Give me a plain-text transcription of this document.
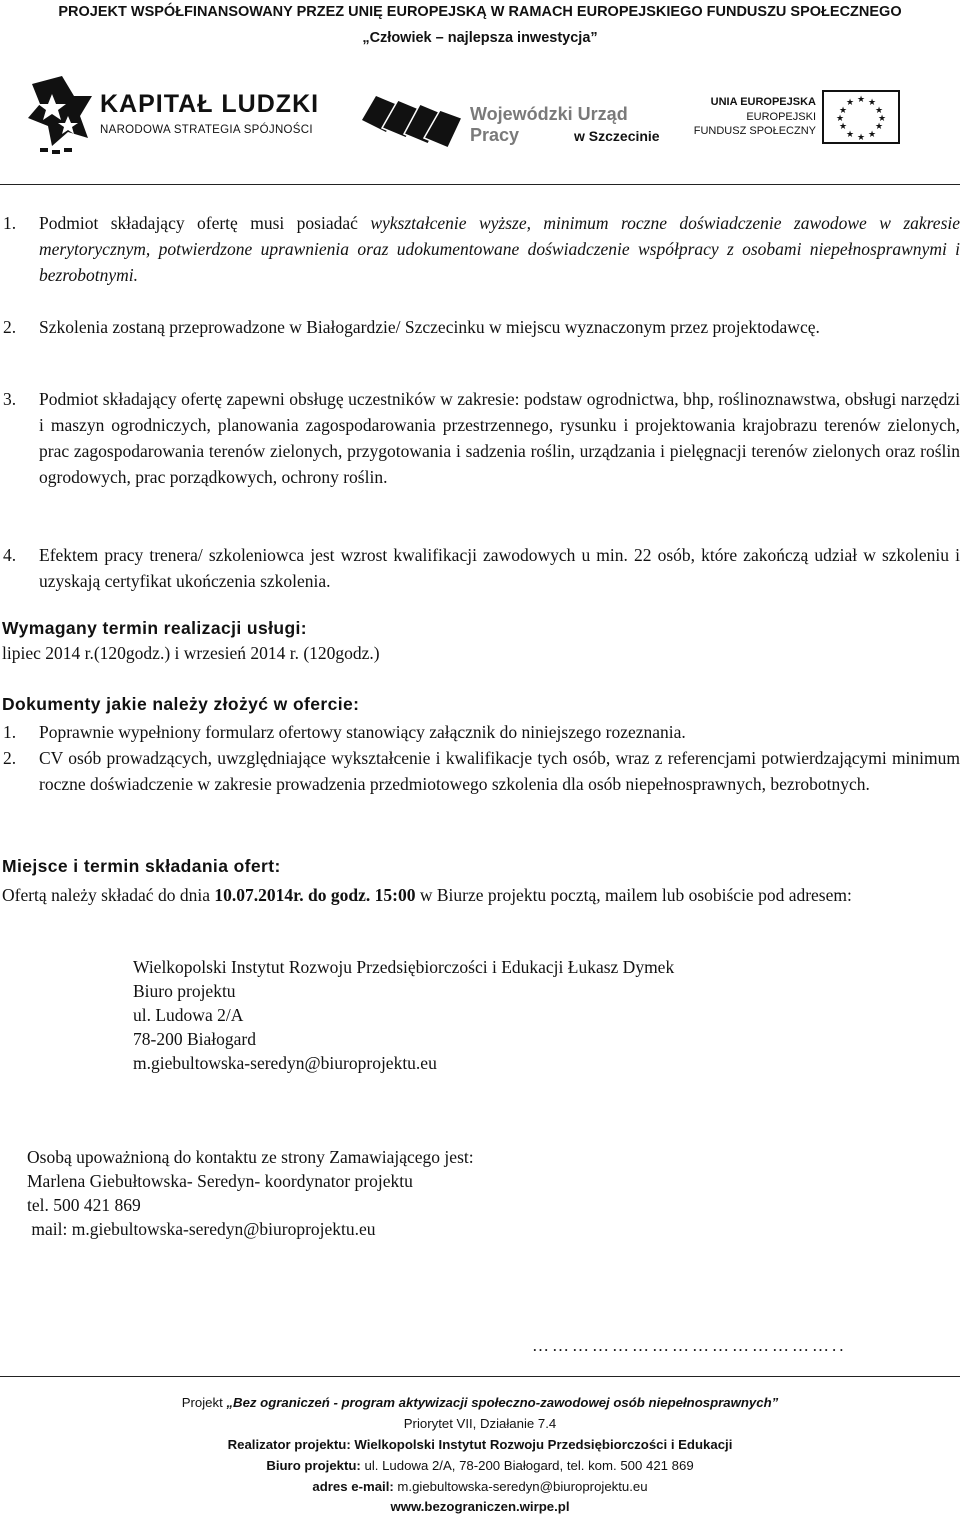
PROJEKT WSPÓŁFINANSOWANY PRZEZ UNIĘ EUROPEJSKĄ W RAMACH EUROPEJSKIEGO FUNDUSZU SPOŁECZNEGO
„Człowiek – najlepsza inwestycja”
KAPITAŁ LUDZKI
NARODOWA STRATEGIA SPÓJNOŚCI
Wojewódzki Urząd Pracy	w Szczecinie
UNIA EUROPEJSKA
EUROPEJSKI
FUNDUSZ SPOŁECZNY
★ ★
★
★
★
★
★
★
★
★
★
★
1. Podmiot składający ofertę musi posiadać wykształcenie wyższe, minimum roczne doświadczenie zawodowe w zakresie merytorycznym, potwierdzone uprawnienia oraz udokumentowane doświadczenie współpracy z osobami niepełnosprawnymi i bezrobotnymi.
2. Szkolenia zostaną przeprowadzone w Białogardzie/ Szczecinku w miejscu wyznaczonym przez projektodawcę.
3. Podmiot składający ofertę zapewni obsługę uczestników w zakresie: podstaw ogrodnictwa, bhp, roślinoznawstwa, obsługi narzędzi i maszyn ogrodniczych, planowania zagospodarowania przestrzennego, rysunku i projektowania krajobrazu terenów zielonych, prac zagospodarowania terenów zielonych, przygotowania i sadzenia roślin, urządzania i pielęgnacji terenów zielonych oraz roślin ogrodowych, prac porządkowych, ochrony roślin.
4. Efektem pracy trenera/ szkoleniowca jest wzrost kwalifikacji zawodowych u min. 22 osób, które zakończą udział w szkoleniu i uzyskają certyfikat ukończenia szkolenia.
Wymagany termin realizacji usługi:
lipiec 2014 r.(120godz.) i wrzesień 2014 r. (120godz.)
Dokumenty jakie należy złożyć w ofercie:
1. Poprawnie wypełniony formularz ofertowy stanowiący załącznik do niniejszego rozeznania.
2. CV osób prowadzących, uwzględniające wykształcenie i kwalifikacje tych osób, wraz z referencjami potwierdzającymi minimum roczne doświadczenie w zakresie prowadzenia przedmiotowego szkolenia dla osób niepełnosprawnych, bezrobotnych.
Miejsce i termin składania ofert:
Ofertą należy składać do dnia 10.07.2014r. do godz. 15:00 w Biurze projektu pocztą, mailem lub osobiście pod adresem:
Wielkopolski Instytut Rozwoju Przedsiębiorczości i Edukacji Łukasz Dymek
Biuro projektu
ul. Ludowa 2/A
78-200 Białogard
m.giebultowska-seredyn@biuroprojektu.eu
Osobą upoważnioną do kontaktu ze strony Zamawiającego jest:
Marlena Giebułtowska- Seredyn- koordynator projektu
tel. 500 421 869
mail: m.giebultowska-seredyn@biuroprojektu.eu
………………………………………..
Projekt „Bez ograniczeń - program aktywizacji społeczno-zawodowej osób niepełnosprawnych”
Priorytet VII, Działanie 7.4
Realizator projektu: Wielkopolski Instytut Rozwoju Przedsiębiorczości i Edukacji
Biuro projektu: ul. Ludowa 2/A, 78-200 Białogard, tel. kom. 500 421 869
adres e-mail: m.giebultowska-seredyn@biuroprojektu.eu
www.bezograniczen.wirpe.pl
